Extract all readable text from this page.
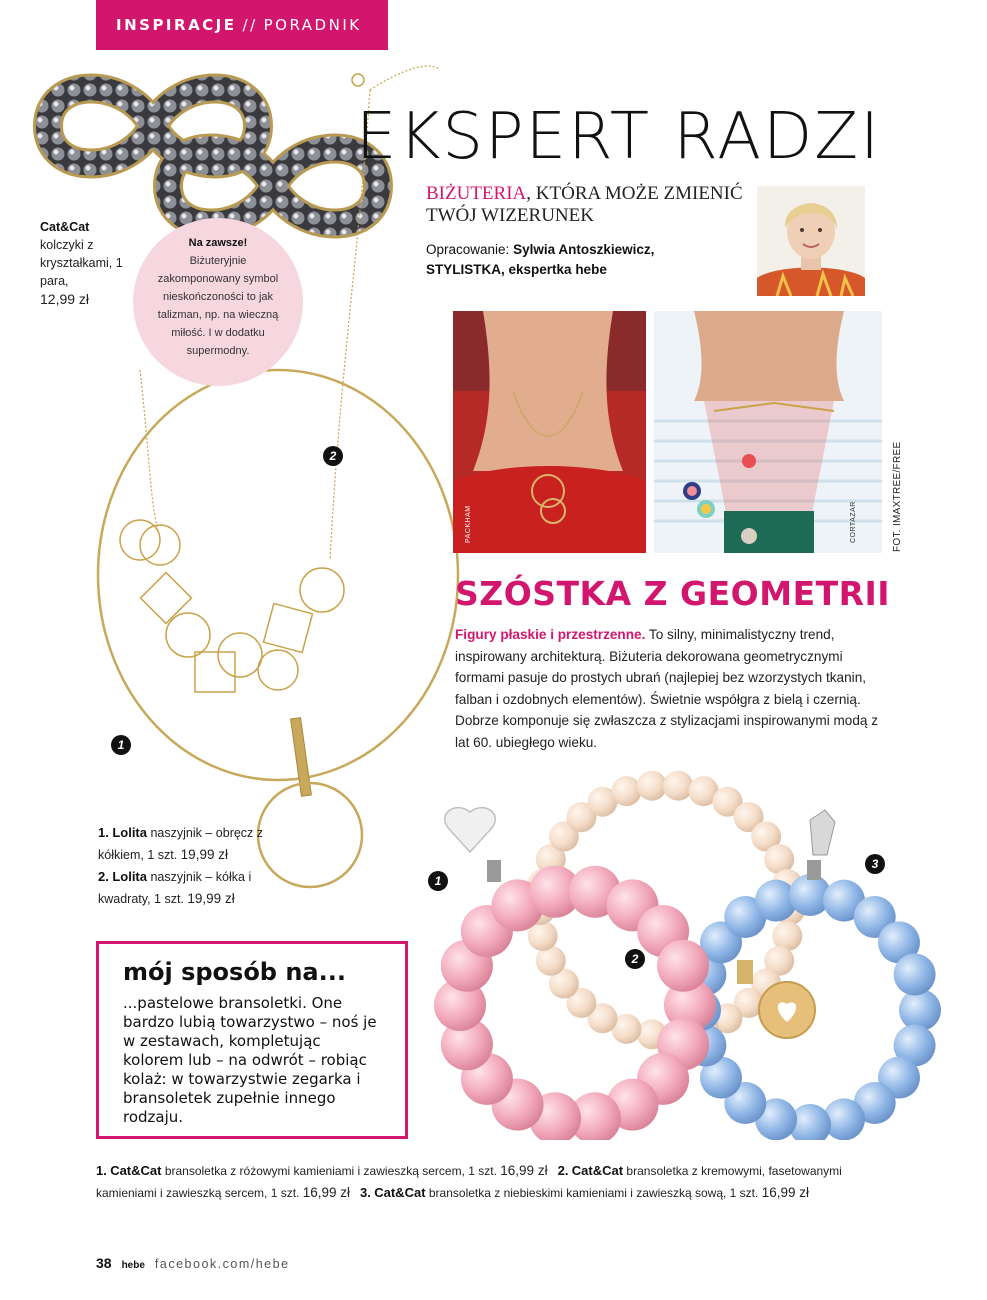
INSPIRACJE // PORADNIK
Cat&Cat
kolczyki z kryształkami, 1 para,
12,99 zł
Na zawsze!
Biżuteryjnie zakomponowany symbol nieskończoności to jak talizman, np. na wieczną miłość. I w dodatku supermodny.
2
1
EKSPERT RADZI
BIŻUTERIA, KTÓRA MOŻE ZMIENIĆ
TWÓJ WIZERUNEK
Opracowanie: Sylwia Antoszkiewicz,
STYLISTKA, ekspertka hebe
PACKHAM	CORTAZAR	FOT. IMAXTREE/FREE
SZÓSTKA Z GEOMETRII
Figury płaskie i przestrzenne. To silny, minimalistyczny trend, inspirowany architekturą. Biżuteria dekorowana geometrycznymi formami pasuje do prostych ubrań (najlepiej bez wzorzystych tkanin, falban i ozdobnych elementów). Świetnie współgra z bielą i czernią. Dobrze komponuje się zwłaszcza z stylizacjami inspirowanymi modą z lat 60. ubiegłego wieku.
1. Lolita naszyjnik – obręcz z kółkiem, 1 szt. 19,99 zł
2. Lolita naszyjnik – kółka i kwadraty, 1 szt. 19,99 zł
1
2
3
mój sposób na...
...pastelowe bransoletki. One bardzo lubią towarzystwo – noś je w zestawach, kompletując kolorem lub – na odwrót – robiąc kolaż: w towarzystwie zegarka i bransoletek zupełnie innego rodzaju.
1. Cat&Cat bransoletka z różowymi kamieniami i zawieszką sercem, 1 szt. 16,99 zł 2. Cat&Cat bransoletka z kremowymi, fasetowanymi kamieniami i zawieszką sercem, 1 szt. 16,99 zł 3. Cat&Cat bransoletka z niebieskimi kamieniami i zawieszką sową, 1 szt. 16,99 zł
38 hebe facebook.com/hebe
